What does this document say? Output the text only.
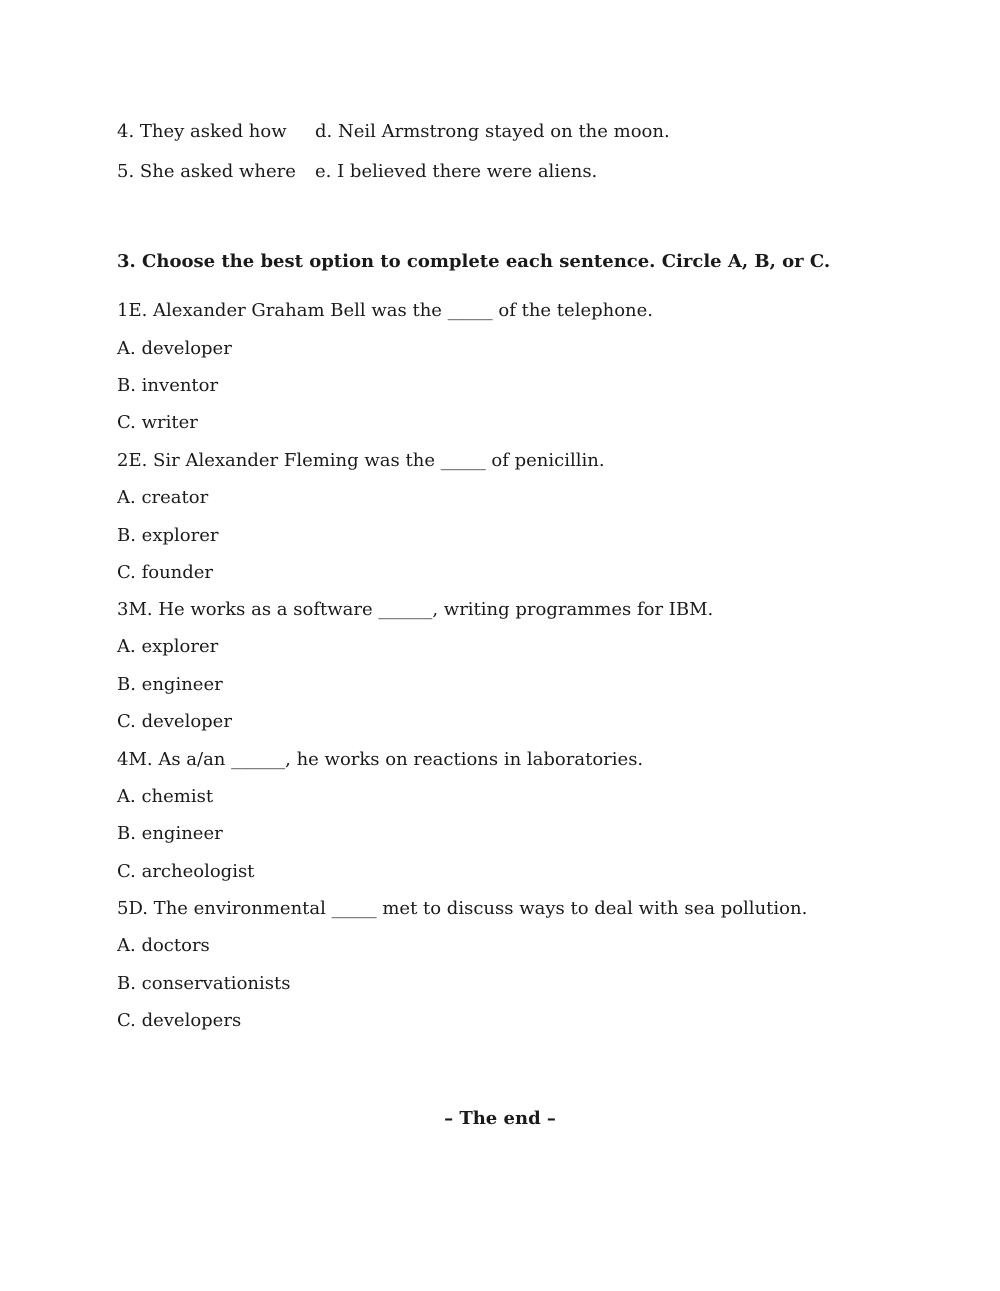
4. They asked how d. Neil Armstrong stayed on the moon.
5. She asked where e. I believed there were aliens.
3. Choose the best option to complete each sentence. Circle A, B, or C.
1E. Alexander Graham Bell was the _____ of the telephone.
A. developer
B. inventor
C. writer
2E. Sir Alexander Fleming was the _____ of penicillin.
A. creator
B. explorer
C. founder
3M. He works as a software ______, writing programmes for IBM.
A. explorer
B. engineer
C. developer
4M. As a/an ______, he works on reactions in laboratories.
A. chemist
B. engineer
C. archeologist
5D. The environmental _____ met to discuss ways to deal with sea pollution.
A. doctors
B. conservationists
C. developers
– The end –
